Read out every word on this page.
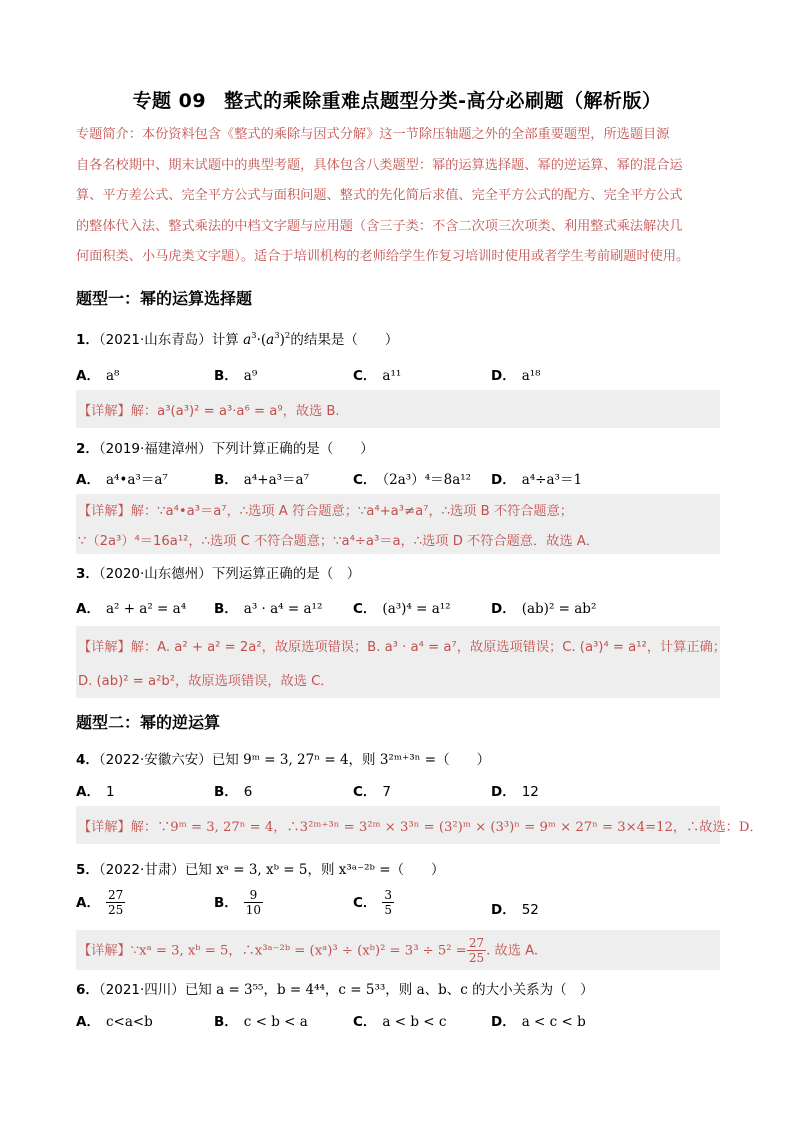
专题 09 整式的乘除重难点题型分类-高分必刷题（解析版）
专题简介：本份资料包含《整式的乘除与因式分解》这一节除压轴题之外的全部重要题型，所选题目源
自各名校期中、期末试题中的典型考题，具体包含八类题型：幂的运算选择题、幂的逆运算、幂的混合运
算、平方差公式、完全平方公式与面积问题、整式的先化简后求值、完全平方公式的配方、完全平方公式
的整体代入法、整式乘法的中档文字题与应用题（含三子类：不含二次项三次项类、利用整式乘法解决几
何面积类、小马虎类文字题）。适合于培训机构的老师给学生作复习培训时使用或者学生考前刷题时使用。
题型一：幂的运算选择题
1．（2021·山东青岛）计算 $a^3\cdot(a^3)^2$的结果是（　　）
A． a⁸	B． a⁹	C． a¹¹	D． a¹⁸
【详解】解：a³(a³)² = a³·a⁶ = a⁹，故选 B.
2．（2019·福建漳州）下列计算正确的是（　　）
A． a⁴•a³＝a⁷	B． a⁴+a³＝a⁷	C． （2a³）⁴＝8a¹² D． a⁴÷a³＝1
【详解】解：∵a⁴•a³＝a⁷，∴选项 A 符合题意；∵a⁴+a³≠a⁷，∴选项 B 不符合题意；
∵（2a³）⁴＝16a¹²，∴选项 C 不符合题意；∵a⁴÷a³＝a，∴选项 D 不符合题意．故选 A．
3．（2020·山东德州）下列运算正确的是（　）
A． a² + a² = a⁴ B． a³ · a⁴ = a¹² C． (a³)⁴ = a¹²	D． (ab)² = ab²
【详解】解：A. a² + a² = 2a²，故原选项错误；B. a³ · a⁴ = a⁷，故原选项错误；C. (a³)⁴ = a¹²，计算正确；
D. (ab)² = a²b²，故原选项错误，故选 C．
题型二：幂的逆运算
4．（2022·安徽六安）已知 9ᵐ = 3, 27ⁿ = 4，则 3²ᵐ⁺³ⁿ =（　　）
A． 1	B． 6	C． 7	D． 12
【详解】解：∵9ᵐ = 3, 27ⁿ = 4，∴3²ᵐ⁺³ⁿ = 3²ᵐ × 3³ⁿ = (3²)ᵐ × (3³)ⁿ = 9ᵐ × 27ⁿ = 3×4=12，∴故选：D．
5．（2022·甘肃）已知 xᵃ = 3, xᵇ = 5，则 x³ᵃ⁻²ᵇ =（　　）
A． $\frac{27}{25}$	B． $\frac{9}{10}$	C． $\frac{3}{5}$	D． 52
【详解】∵xᵃ = 3, xᵇ = 5，∴x³ᵃ⁻²ᵇ = (xᵃ)³ ÷ (xᵇ)² = $3^3 \div 5^2 = \frac{27}{25}$ . 故选 A.
6．（2021·四川）已知 a = 3⁵⁵，b = 4⁴⁴，c = 5³³，则 a、b、c 的大小关系为（　）
A． c<a<b	B． c < b < a	C． a < b < c	D． a < c < b
